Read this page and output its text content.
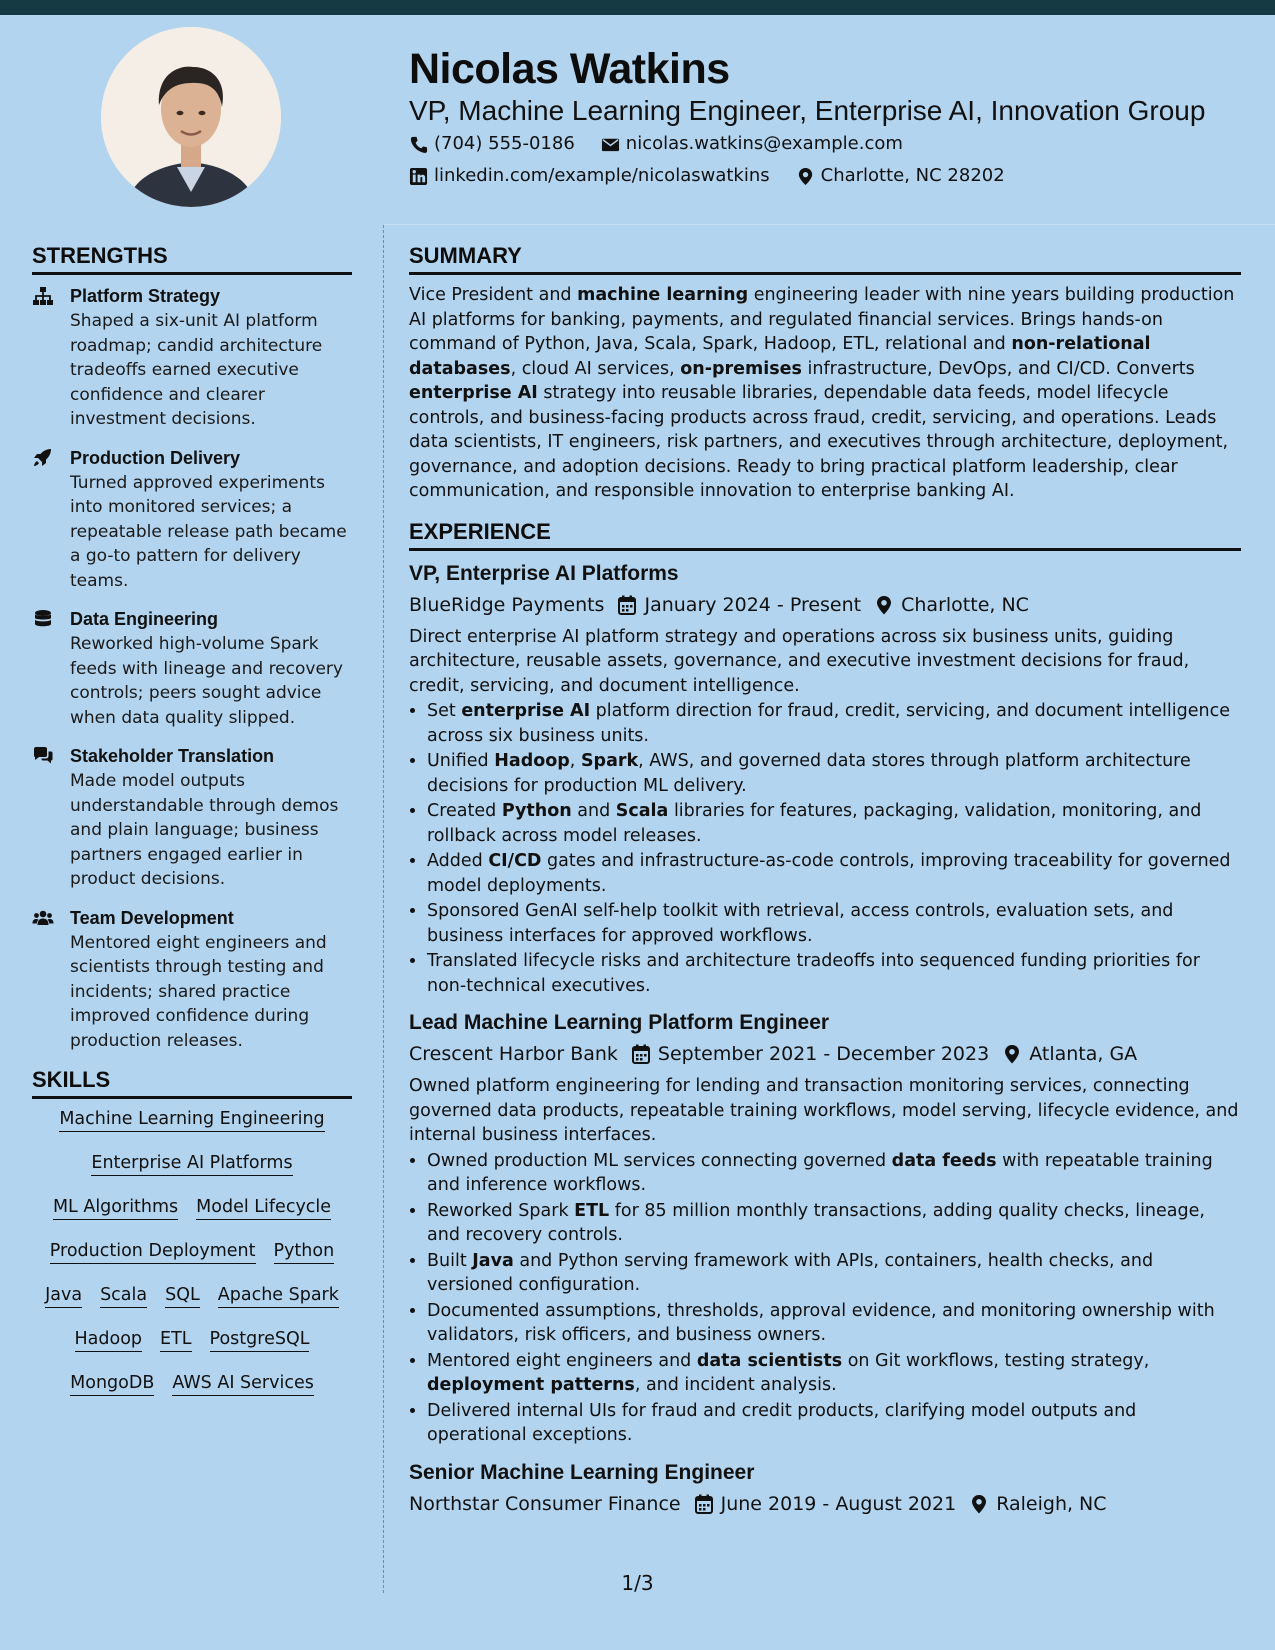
Nicolas Watkins
VP, Machine Learning Engineer, Enterprise AI, Innovation Group
(704) 555-0186	nicolas.watkins@example.com
linkedin.com/example/nicolaswatkins	Charlotte, NC 28202
STRENGTHS
Platform Strategy

Shaped a six-unit AI platform roadmap; candid architecture tradeoffs earned executive confidence and clearer investment decisions.

Production Delivery

Turned approved experiments into monitored services; a repeatable release path became a go-to pattern for delivery teams.

Data Engineering

Reworked high-volume Spark feeds with lineage and recovery controls; peers sought advice when data quality slipped.

Stakeholder Translation

Made model outputs understandable through demos and plain language; business partners engaged earlier in product decisions.

Team Development

Mentored eight engineers and scientists through testing and incidents; shared practice improved confidence during production releases.

SKILLS
Machine Learning Engineering
Enterprise AI Platforms
ML Algorithms Model Lifecycle
Production Deployment Python
Java Scala SQL Apache Spark
Hadoop ETL PostgreSQL
MongoDB AWS AI Services
SUMMARY

Vice President and machine learning engineering leader with nine years building production AI platforms for banking, payments, and regulated financial services. Brings hands-on command of Python, Java, Scala, Spark, Hadoop, ETL, relational and non-relational databases, cloud AI services, on-premises infrastructure, DevOps, and CI/CD. Converts enterprise AI strategy into reusable libraries, dependable data feeds, model lifecycle controls, and business-facing products across fraud, credit, servicing, and operations. Leads data scientists, IT engineers, risk partners, and executives through architecture, deployment, governance, and adoption decisions. Ready to bring practical platform leadership, clear communication, and responsible innovation to enterprise banking AI.

EXPERIENCE
VP, Enterprise AI Platforms
BlueRidge Payments	January 2024 - Present	Charlotte, NC

Direct enterprise AI platform strategy and operations across six business units, guiding architecture, reusable assets, governance, and executive investment decisions for fraud, credit, servicing, and document intelligence.

• Set enterprise AI platform direction for fraud, credit, servicing, and document intelligence across six business units.
• Unified Hadoop, Spark, AWS, and governed data stores through platform architecture decisions for production ML delivery.
• Created Python and Scala libraries for features, packaging, validation, monitoring, and rollback across model releases.
• Added CI/CD gates and infrastructure-as-code controls, improving traceability for governed model deployments.
• Sponsored GenAI self-help toolkit with retrieval, access controls, evaluation sets, and business interfaces for approved workflows.
• Translated lifecycle risks and architecture tradeoffs into sequenced funding priorities for non-technical executives.
Lead Machine Learning Platform Engineer
Crescent Harbor Bank	September 2021 - December 2023	Atlanta, GA

Owned platform engineering for lending and transaction monitoring services, connecting governed data products, repeatable training workflows, model serving, lifecycle evidence, and internal business interfaces.

• Owned production ML services connecting governed data feeds with repeatable training and inference workflows.
• Reworked Spark ETL for 85 million monthly transactions, adding quality checks, lineage, and recovery controls.
• Built Java and Python serving framework with APIs, containers, health checks, and versioned configuration.
• Documented assumptions, thresholds, approval evidence, and monitoring ownership with validators, risk officers, and business owners.
• Mentored eight engineers and data scientists on Git workflows, testing strategy, deployment patterns, and incident analysis.
• Delivered internal UIs for fraud and credit products, clarifying model outputs and operational exceptions.
Senior Machine Learning Engineer
Northstar Consumer Finance	June 2019 - August 2021	Raleigh, NC
1/3
